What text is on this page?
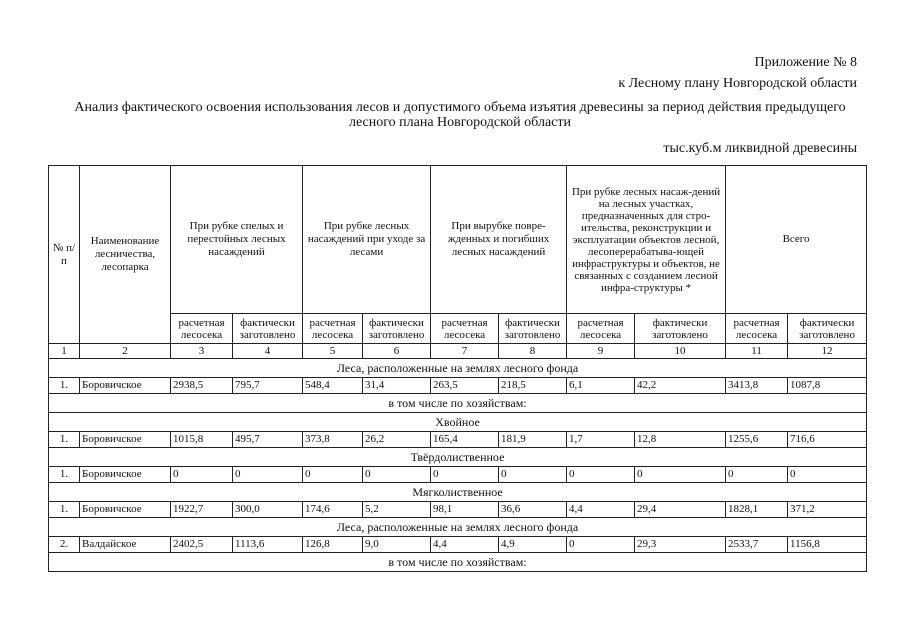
Приложение № 8
к Лесному плану Новгородской области
Анализ фактического освоения использования лесов и допустимого объема изъятия древесины за период действия предыдущего лесного плана Новгородской области
тыс.куб.м ликвидной древесины
№ п/п	Наименование лесничества, лесопарка	При рубке спелых и перестойных лесных насаждений		При рубке лесных насаждений при уходе за лесами		При вырубке повре-жденных и погибших лесных насаждений		При рубке лесных насаж-дений на лесных участках, предназначенных для стро-ительства, реконструкции и эксплуатации объектов лесной, лесоперерабатыва-ющей инфраструктуры и объектов, не связанных с созданием лесной инфра-структуры *		Всего	
		расчетная лесосека	фактически заготовлено	расчетная лесосека	фактически заготовлено	расчетная лесосека	фактически заготовлено	расчетная лесосека	фактически заготовлено	расчетная лесосека	фактически заготовлено
1	2	3	4	5	6	7	8	9	10	11	12
Леса, расположенные на землях лесного фонда											
1.	Боровичское	2938,5	795,7	548,4	31,4	263,5	218,5	6,1	42,2	3413,8	1087,8
в том числе по хозяйствам:											
Хвойное											
1.	Боровичское	1015,8	495,7	373,8	26,2	165,4	181,9	1,7	12,8	1255,6	716,6
Твёрдолиственное											
1.	Боровичское	0	0	0	0	0	0	0	0	0	0
Мягколиственное											
1.	Боровичское	1922,7	300,0	174,6	5,2	98,1	36,6	4,4	29,4	1828,1	371,2
Леса, расположенные на землях лесного фонда											
2.	Валдайское	2402,5	1113,6	126,8	9,0	4,4	4,9	0	29,3	2533,7	1156,8
в том числе по хозяйствам:											
